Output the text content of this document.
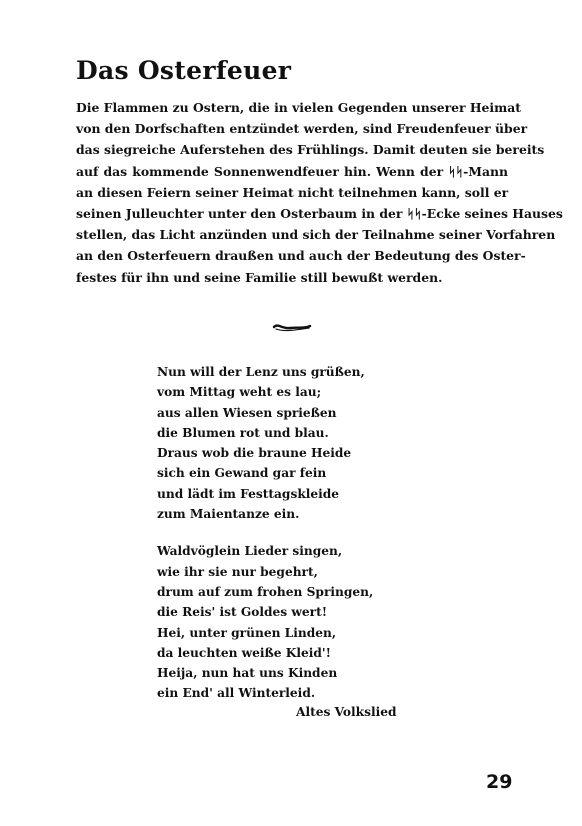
Das Osterfeuer
Die Flammen zu Ostern, die in vielen Gegenden unserer Heimat
von den Dorfschaften entzündet werden, sind Freudenfeuer über
das siegreiche Auferstehen des Frühlings. Damit deuten sie bereits
auf das kommende Sonnenwendfeuer hin. Wenn der ᛋᛋ-Mann
an diesen Feiern seiner Heimat nicht teilnehmen kann, soll er
seinen Julleuchter unter den Osterbaum in der ᛋᛋ-Ecke seines Hauses
stellen, das Licht anzünden und sich der Teilnahme seiner Vorfahren
an den Osterfeuern draußen und auch der Bedeutung des Oster-
festes für ihn und seine Familie still bewußt werden.
Nun will der Lenz uns grüßen,
vom Mittag weht es lau;
aus allen Wiesen sprießen
die Blumen rot und blau.
Draus wob die braune Heide
sich ein Gewand gar fein
und lädt im Festtagskleide
zum Maientanze ein.
Waldvöglein Lieder singen,
wie ihr sie nur begehrt,
drum auf zum frohen Springen,
die Reis' ist Goldes wert!
Hei, unter grünen Linden,
da leuchten weiße Kleid'!
Heija, nun hat uns Kinden
ein End' all Winterleid.
Altes Volkslied
29
